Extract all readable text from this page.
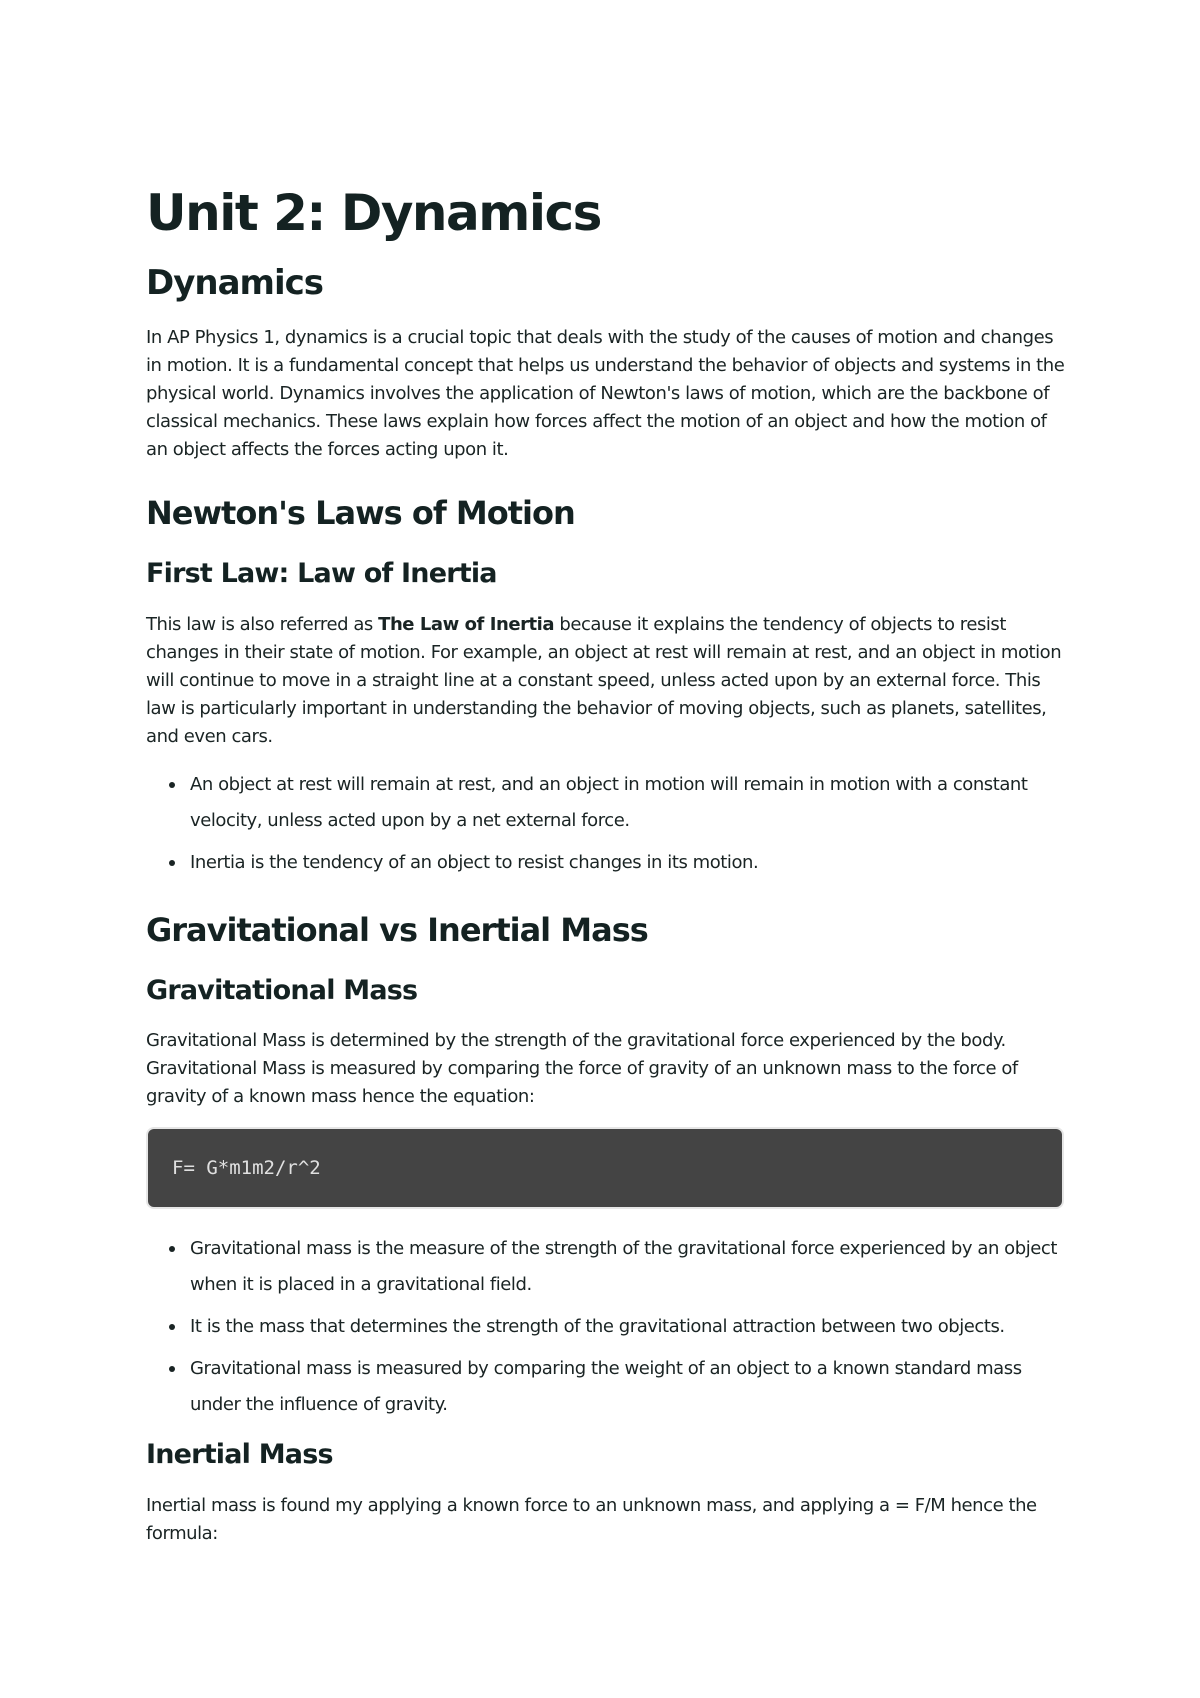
Unit 2: Dynamics
Dynamics

In AP Physics 1, dynamics is a crucial topic that deals with the study of the causes of motion and changes in motion. It is a fundamental concept that helps us understand the behavior of objects and systems in the physical world. Dynamics involves the application of Newton's laws of motion, which are the backbone of classical mechanics. These laws explain how forces affect the motion of an object and how the motion of an object affects the forces acting upon it.

Newton's Laws of Motion
First Law: Law of Inertia

This law is also referred as The Law of Inertia because it explains the tendency of objects to resist changes in their state of motion. For example, an object at rest will remain at rest, and an object in motion will continue to move in a straight line at a constant speed, unless acted upon by an external force. This law is particularly important in understanding the behavior of moving objects, such as planets, satellites, and even cars.

An object at rest will remain at rest, and an object in motion will remain in motion with a constant velocity, unless acted upon by a net external force.
Inertia is the tendency of an object to resist changes in its motion.
Gravitational vs Inertial Mass
Gravitational Mass

Gravitational Mass is determined by the strength of the gravitational force experienced by the body. Gravitational Mass is measured by comparing the force of gravity of an unknown mass to the force of gravity of a known mass hence the equation:

F= G*m1m2/r^2
Gravitational mass is the measure of the strength of the gravitational force experienced by an object when it is placed in a gravitational field.
It is the mass that determines the strength of the gravitational attraction between two objects.
Gravitational mass is measured by comparing the weight of an object to a known standard mass under the influence of gravity.
Inertial Mass

Inertial mass is found my applying a known force to an unknown mass, and applying a = F/M hence the formula:
